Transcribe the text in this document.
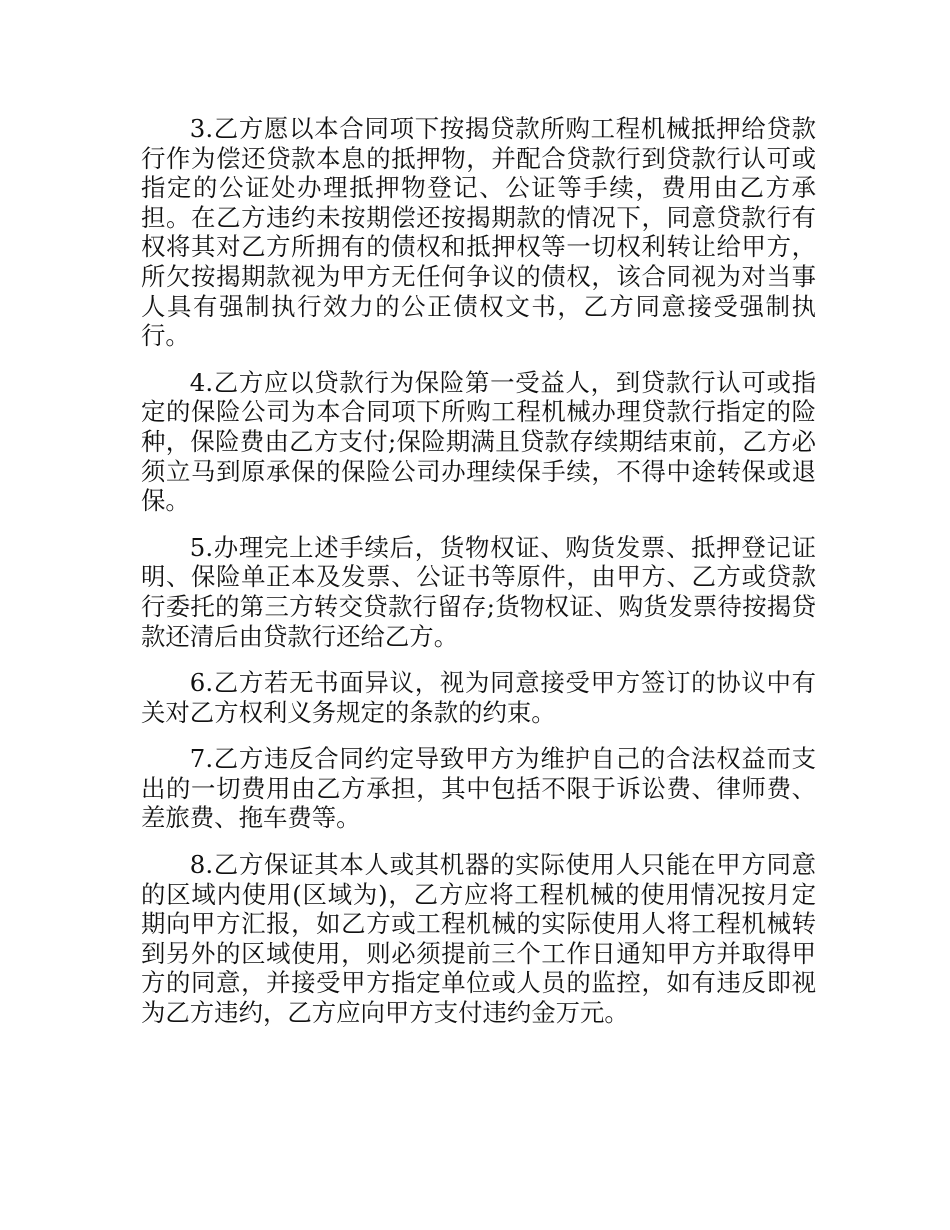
3.乙方愿以本合同项下按揭贷款所购工程机械抵押给贷款行作为偿还贷款本息的抵押物，并配合贷款行到贷款行认可或指定的公证处办理抵押物登记、公证等手续，费用由乙方承担。在乙方违约未按期偿还按揭期款的情况下，同意贷款行有权将其对乙方所拥有的债权和抵押权等一切权利转让给甲方，所欠按揭期款视为甲方无任何争议的债权，该合同视为对当事人具有强制执行效力的公正债权文书，乙方同意接受强制执行。

4.乙方应以贷款行为保险第一受益人，到贷款行认可或指定的保险公司为本合同项下所购工程机械办理贷款行指定的险种，保险费由乙方支付;保险期满且贷款存续期结束前，乙方必须立马到原承保的保险公司办理续保手续，不得中途转保或退保。

5.办理完上述手续后，货物权证、购货发票、抵押登记证明、保险单正本及发票、公证书等原件，由甲方、乙方或贷款行委托的第三方转交贷款行留存;货物权证、购货发票待按揭贷款还清后由贷款行还给乙方。

6.乙方若无书面异议，视为同意接受甲方签订的协议中有关对乙方权利义务规定的条款的约束。

7.乙方违反合同约定导致甲方为维护自己的合法权益而支出的一切费用由乙方承担，其中包括不限于诉讼费、律师费、差旅费、拖车费等。

8.乙方保证其本人或其机器的实际使用人只能在甲方同意的区域内使用(区域为)，乙方应将工程机械的使用情况按月定期向甲方汇报，如乙方或工程机械的实际使用人将工程机械转到另外的区域使用，则必须提前三个工作日通知甲方并取得甲方的同意，并接受甲方指定单位或人员的监控，如有违反即视为乙方违约，乙方应向甲方支付违约金万元。
